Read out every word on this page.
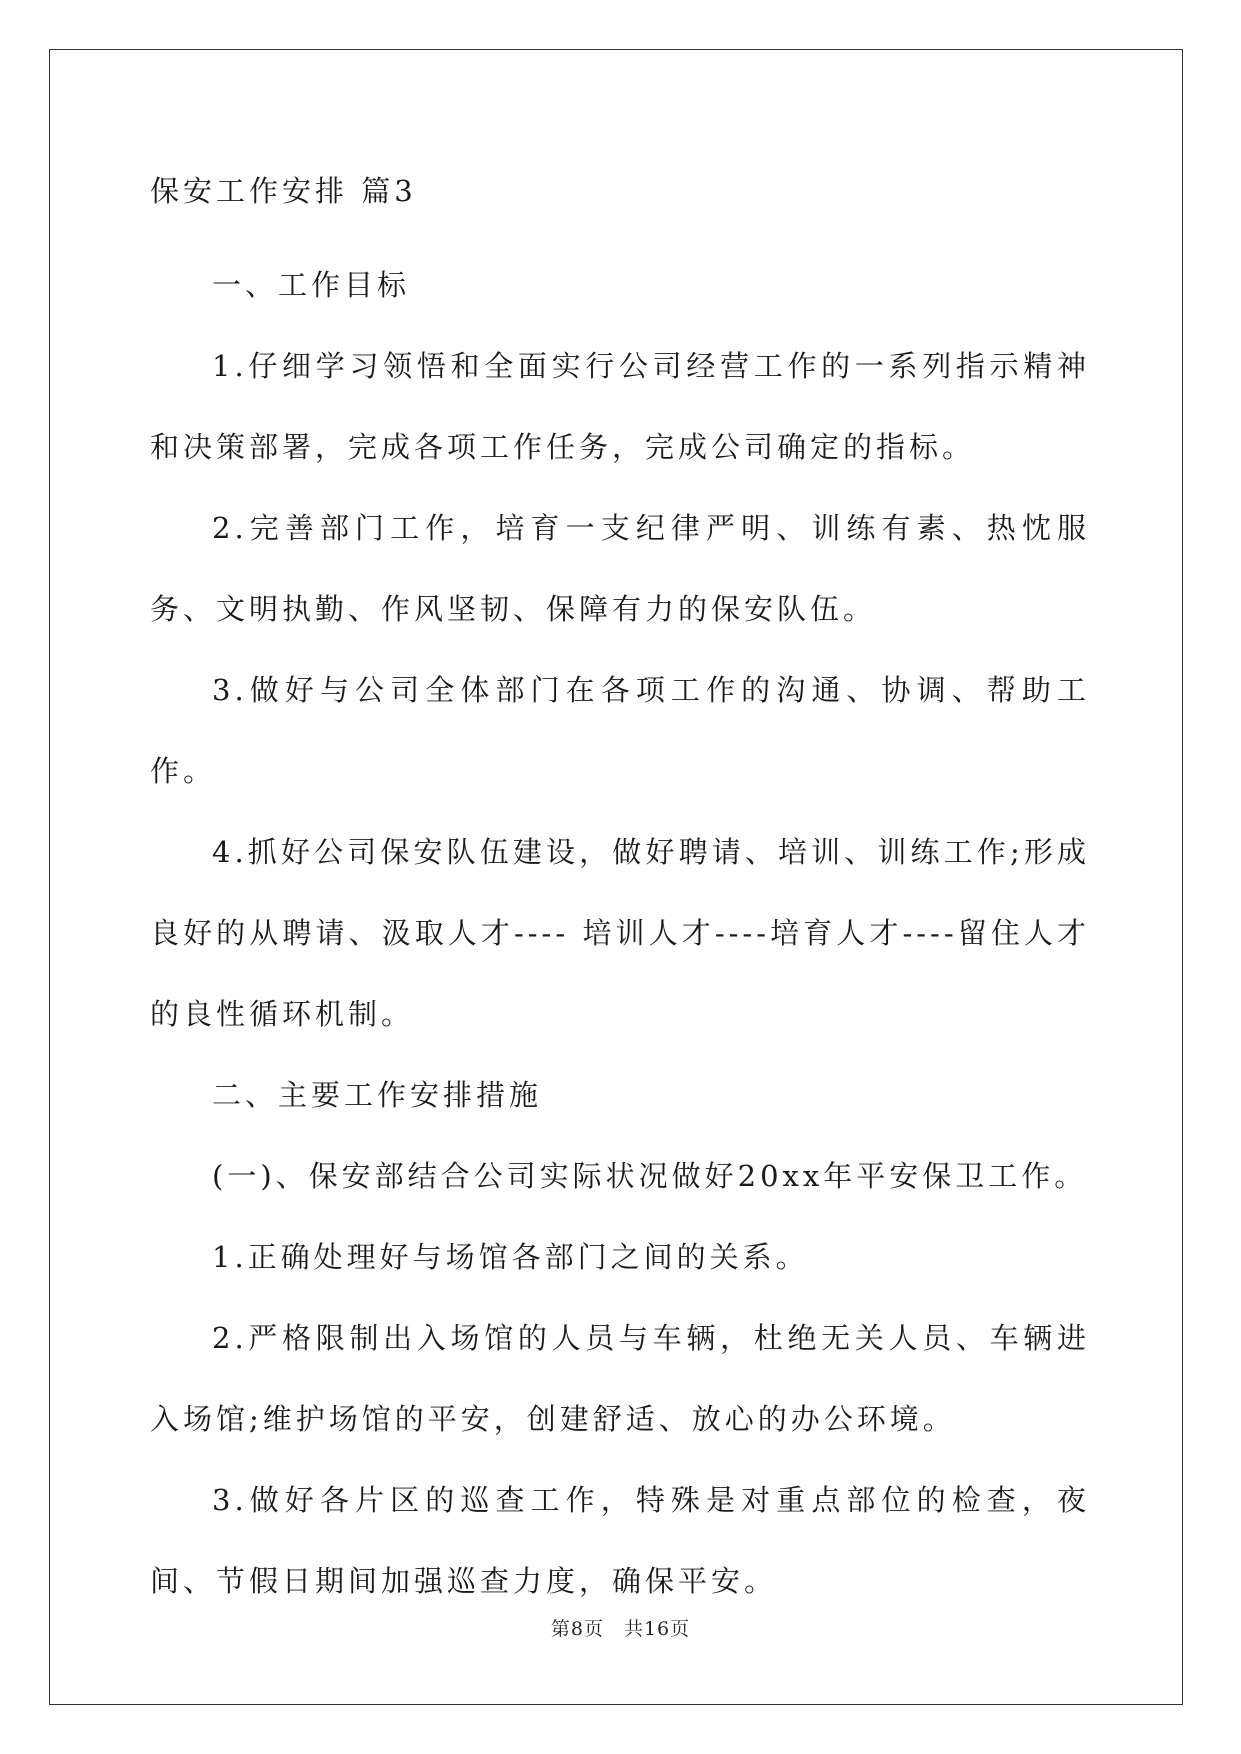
保安工作安排 篇3

一、工作目标

1.仔细学习领悟和全面实行公司经营工作的一系列指示精神和决策部署，完成各项工作任务，完成公司确定的指标。

2.完善部门工作，培育一支纪律严明、训练有素、热忱服务、文明执勤、作风坚韧、保障有力的保安队伍。

3.做好与公司全体部门在各项工作的沟通、协调、帮助工作。

4.抓好公司保安队伍建设，做好聘请、培训、训练工作;形成良好的从聘请、汲取人才---- 培训人才----培育人才----留住人才的良性循环机制。

二、主要工作安排措施

(一)、保安部结合公司实际状况做好20xx年平安保卫工作。

1.正确处理好与场馆各部门之间的关系。

2.严格限制出入场馆的人员与车辆，杜绝无关人员、车辆进入场馆;维护场馆的平安，创建舒适、放心的办公环境。

3.做好各片区的巡查工作，特殊是对重点部位的检查，夜间、节假日期间加强巡查力度，确保平安。

第8页 共16页
